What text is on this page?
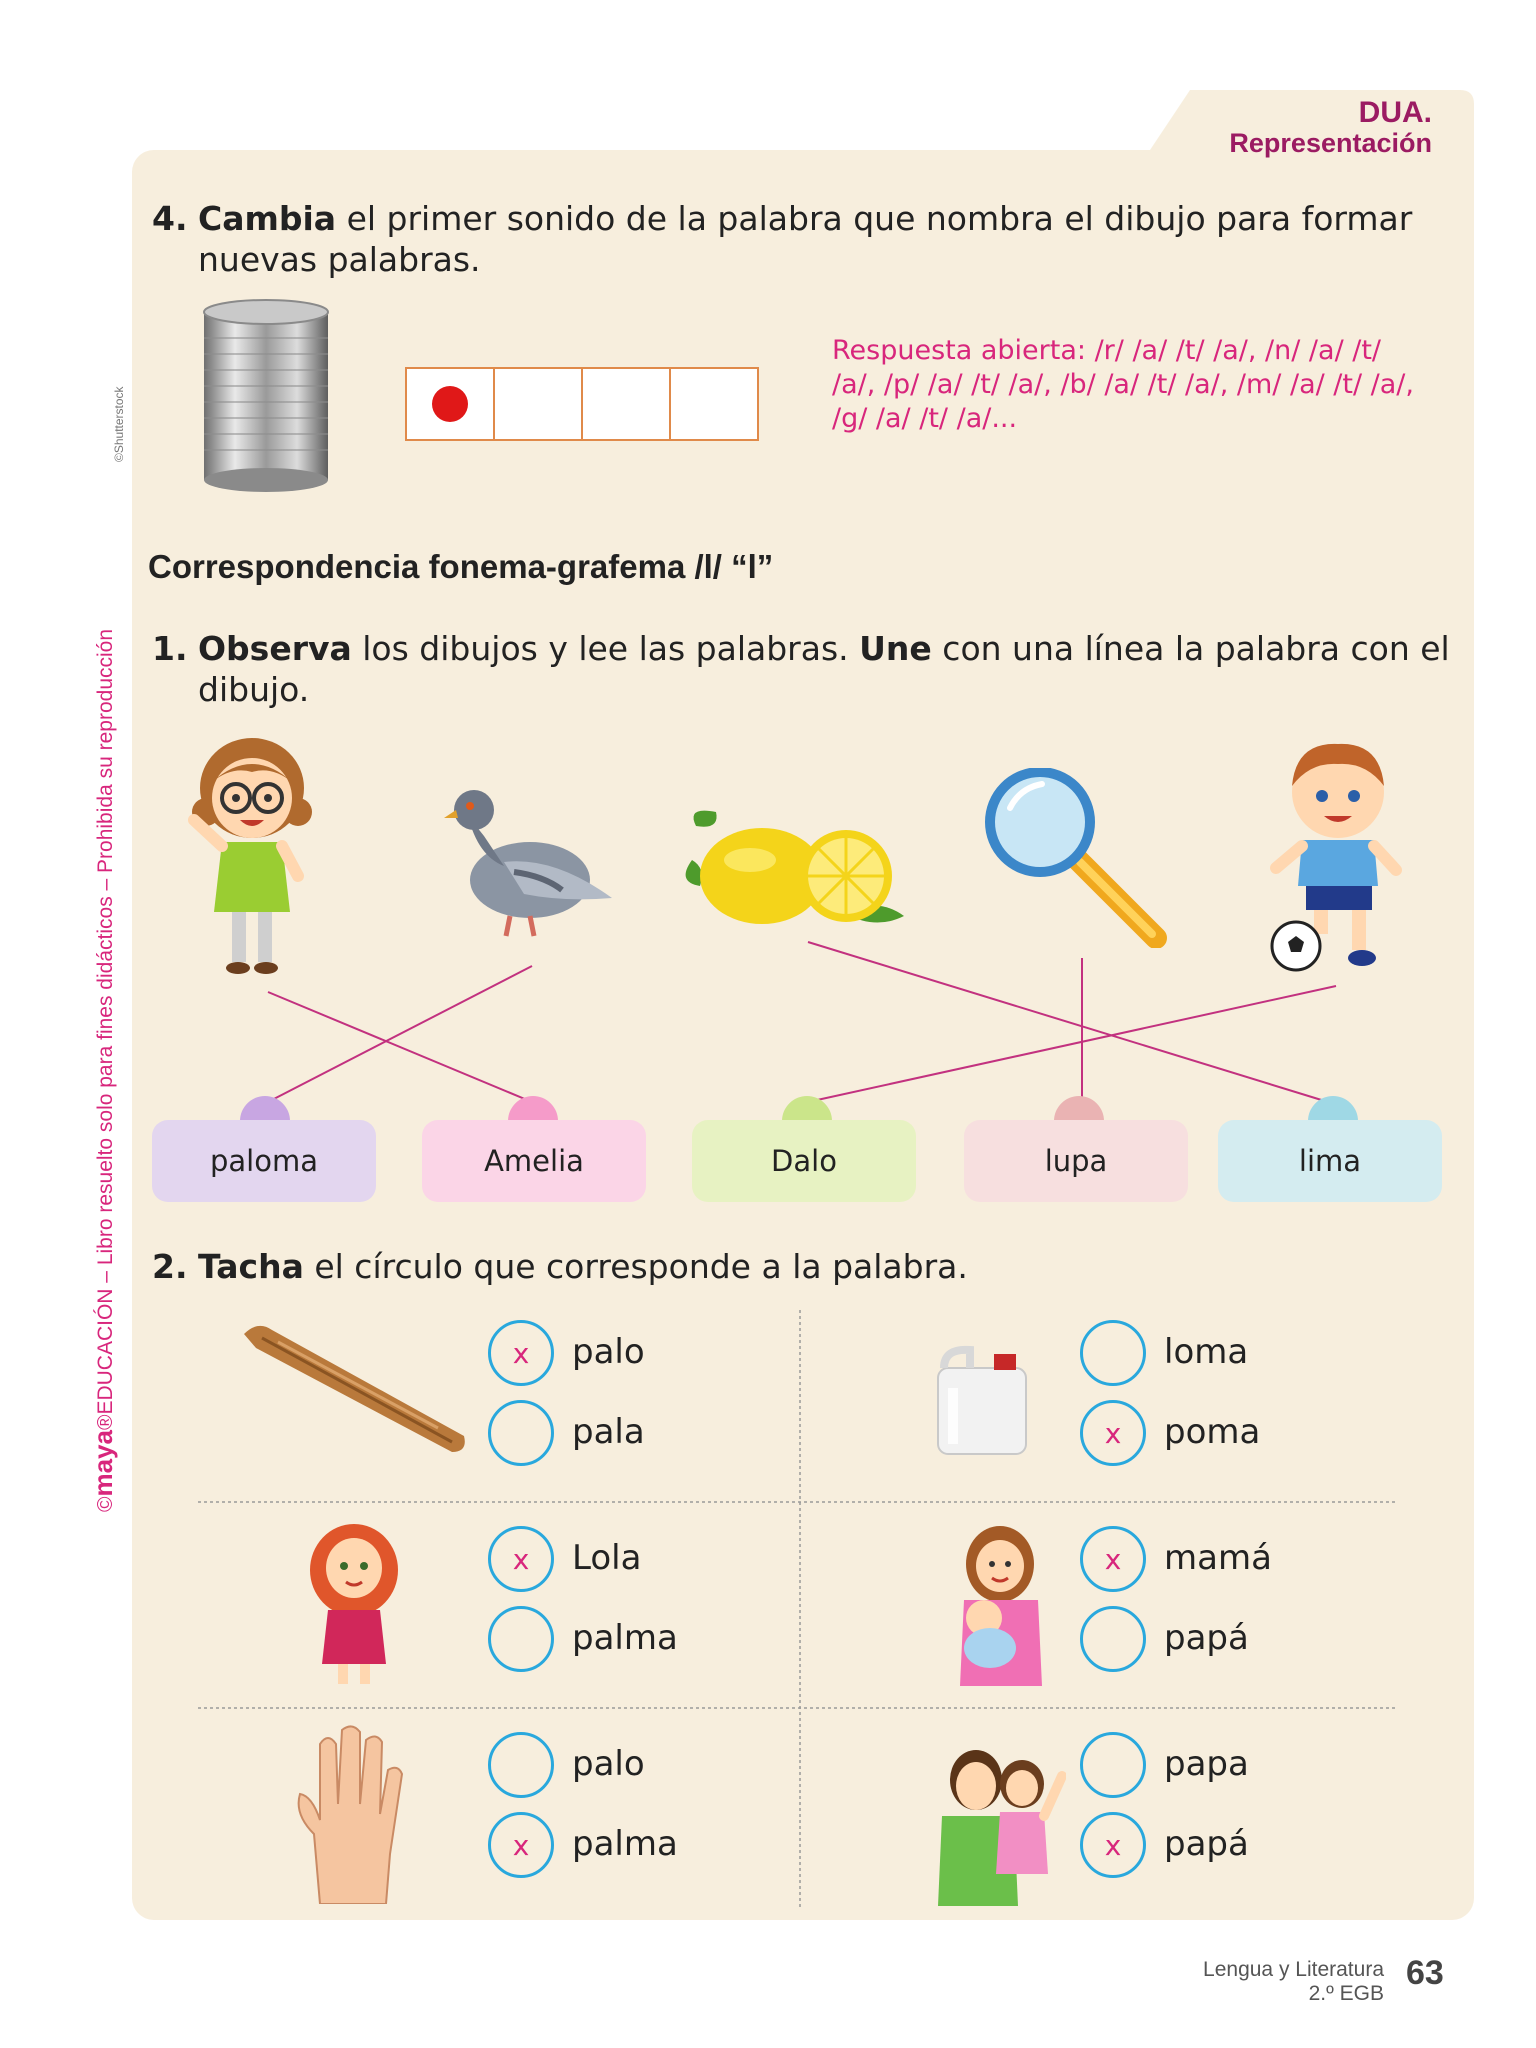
DUA.
Representación
©maya®EDUCACIÓN – Libro resuelto solo para fines didácticos – Prohibida su reproducción
©Shutterstock
4. Cambia el primer sonido de la palabra que nombra el dibujo para formar
nuevas palabras.
Respuesta abierta: /r/ /a/ /t/ /a/, /n/ /a/ /t/ /a/, /p/ /a/ /t/ /a/, /b/ /a/ /t/ /a/, /m/ /a/ /t/ /a/, /g/ /a/ /t/ /a/...
Correspondencia fonema-grafema /l/ “l”
1. Observa los dibujos y lee las palabras. Une con una línea la palabra con el
dibujo.
paloma	Amelia	Dalo	lupa	lima
2. Tacha el círculo que corresponde a la palabra.
x palo
pala
x Lola
palma
palo
x palma
loma
x poma
x mamá
papá
papa
x papá
Lengua y Literatura
2.º EGB
63
